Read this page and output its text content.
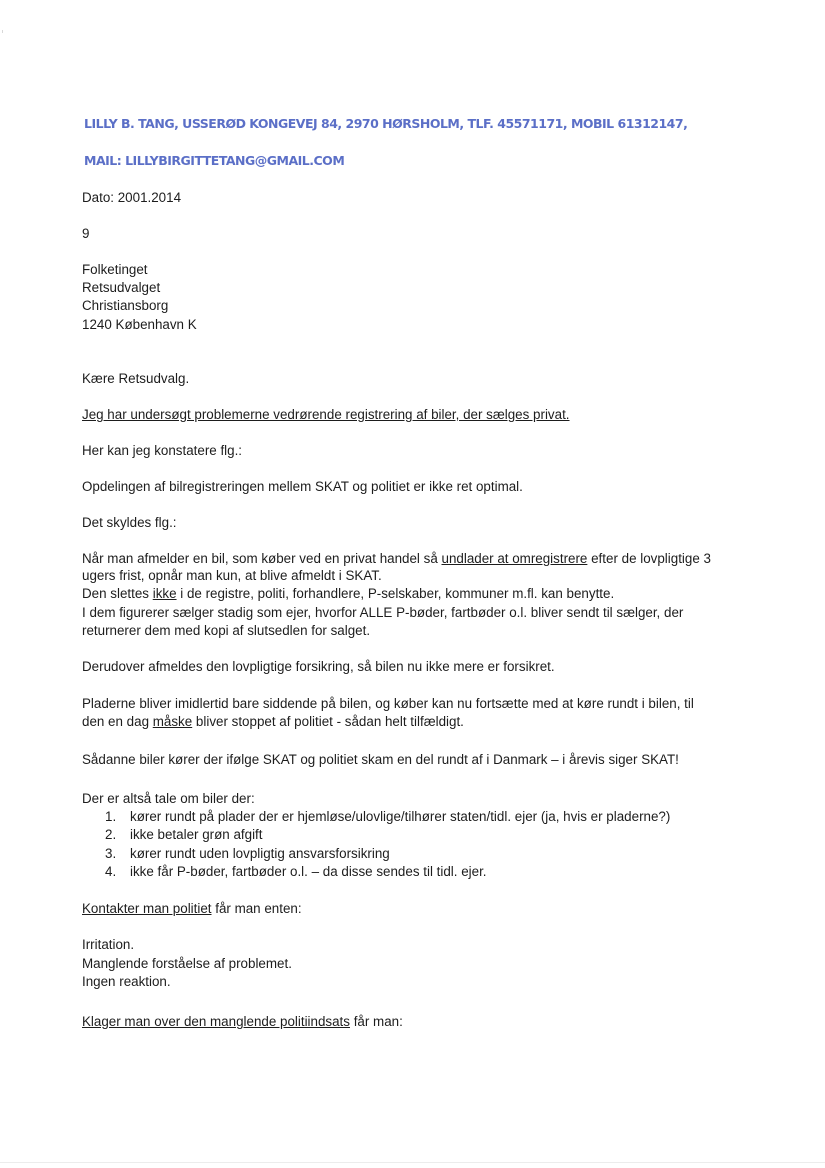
LILLY B. TANG, USSERØD KONGEVEJ 84, 2970 HØRSHOLM, TLF. 45571171, MOBIL 61312147,
MAIL: LILLYBIRGITTETANG@GMAIL.COM
Dato: 2001.2014
9
Folketinget
Retsudvalget
Christiansborg
1240 København K
Kære Retsudvalg.
Jeg har undersøgt problemerne vedrørende registrering af biler, der sælges privat.
Her kan jeg konstatere flg.:
Opdelingen af bilregistreringen mellem SKAT og politiet er ikke ret optimal.
Det skyldes flg.:
Når man afmelder en bil, som køber ved en privat handel så undlader at omregistrere efter de lovpligtige 3
ugers frist, opnår man kun, at blive afmeldt i SKAT.
Den slettes ikke i de registre, politi, forhandlere, P-selskaber, kommuner m.fl. kan benytte.
I dem figurerer sælger stadig som ejer, hvorfor ALLE P-bøder, fartbøder o.l. bliver sendt til sælger, der
returnerer dem med kopi af slutsedlen for salget.
Derudover afmeldes den lovpligtige forsikring, så bilen nu ikke mere er forsikret.
Pladerne bliver imidlertid bare siddende på bilen, og køber kan nu fortsætte med at køre rundt i bilen, til
den en dag måske bliver stoppet af politiet - sådan helt tilfældigt.
Sådanne biler kører der ifølge SKAT og politiet skam en del rundt af i Danmark – i årevis siger SKAT!
Der er altså tale om biler der:
1. kører rundt på plader der er hjemløse/ulovlige/tilhører staten/tidl. ejer (ja, hvis er pladerne?)
2. ikke betaler grøn afgift
3. kører rundt uden lovpligtig ansvarsforsikring
4. ikke får P-bøder, fartbøder o.l. – da disse sendes til tidl. ejer.
Kontakter man politiet får man enten:
Irritation.
Manglende forståelse af problemet.
Ingen reaktion.
Klager man over den manglende politiindsats får man:
